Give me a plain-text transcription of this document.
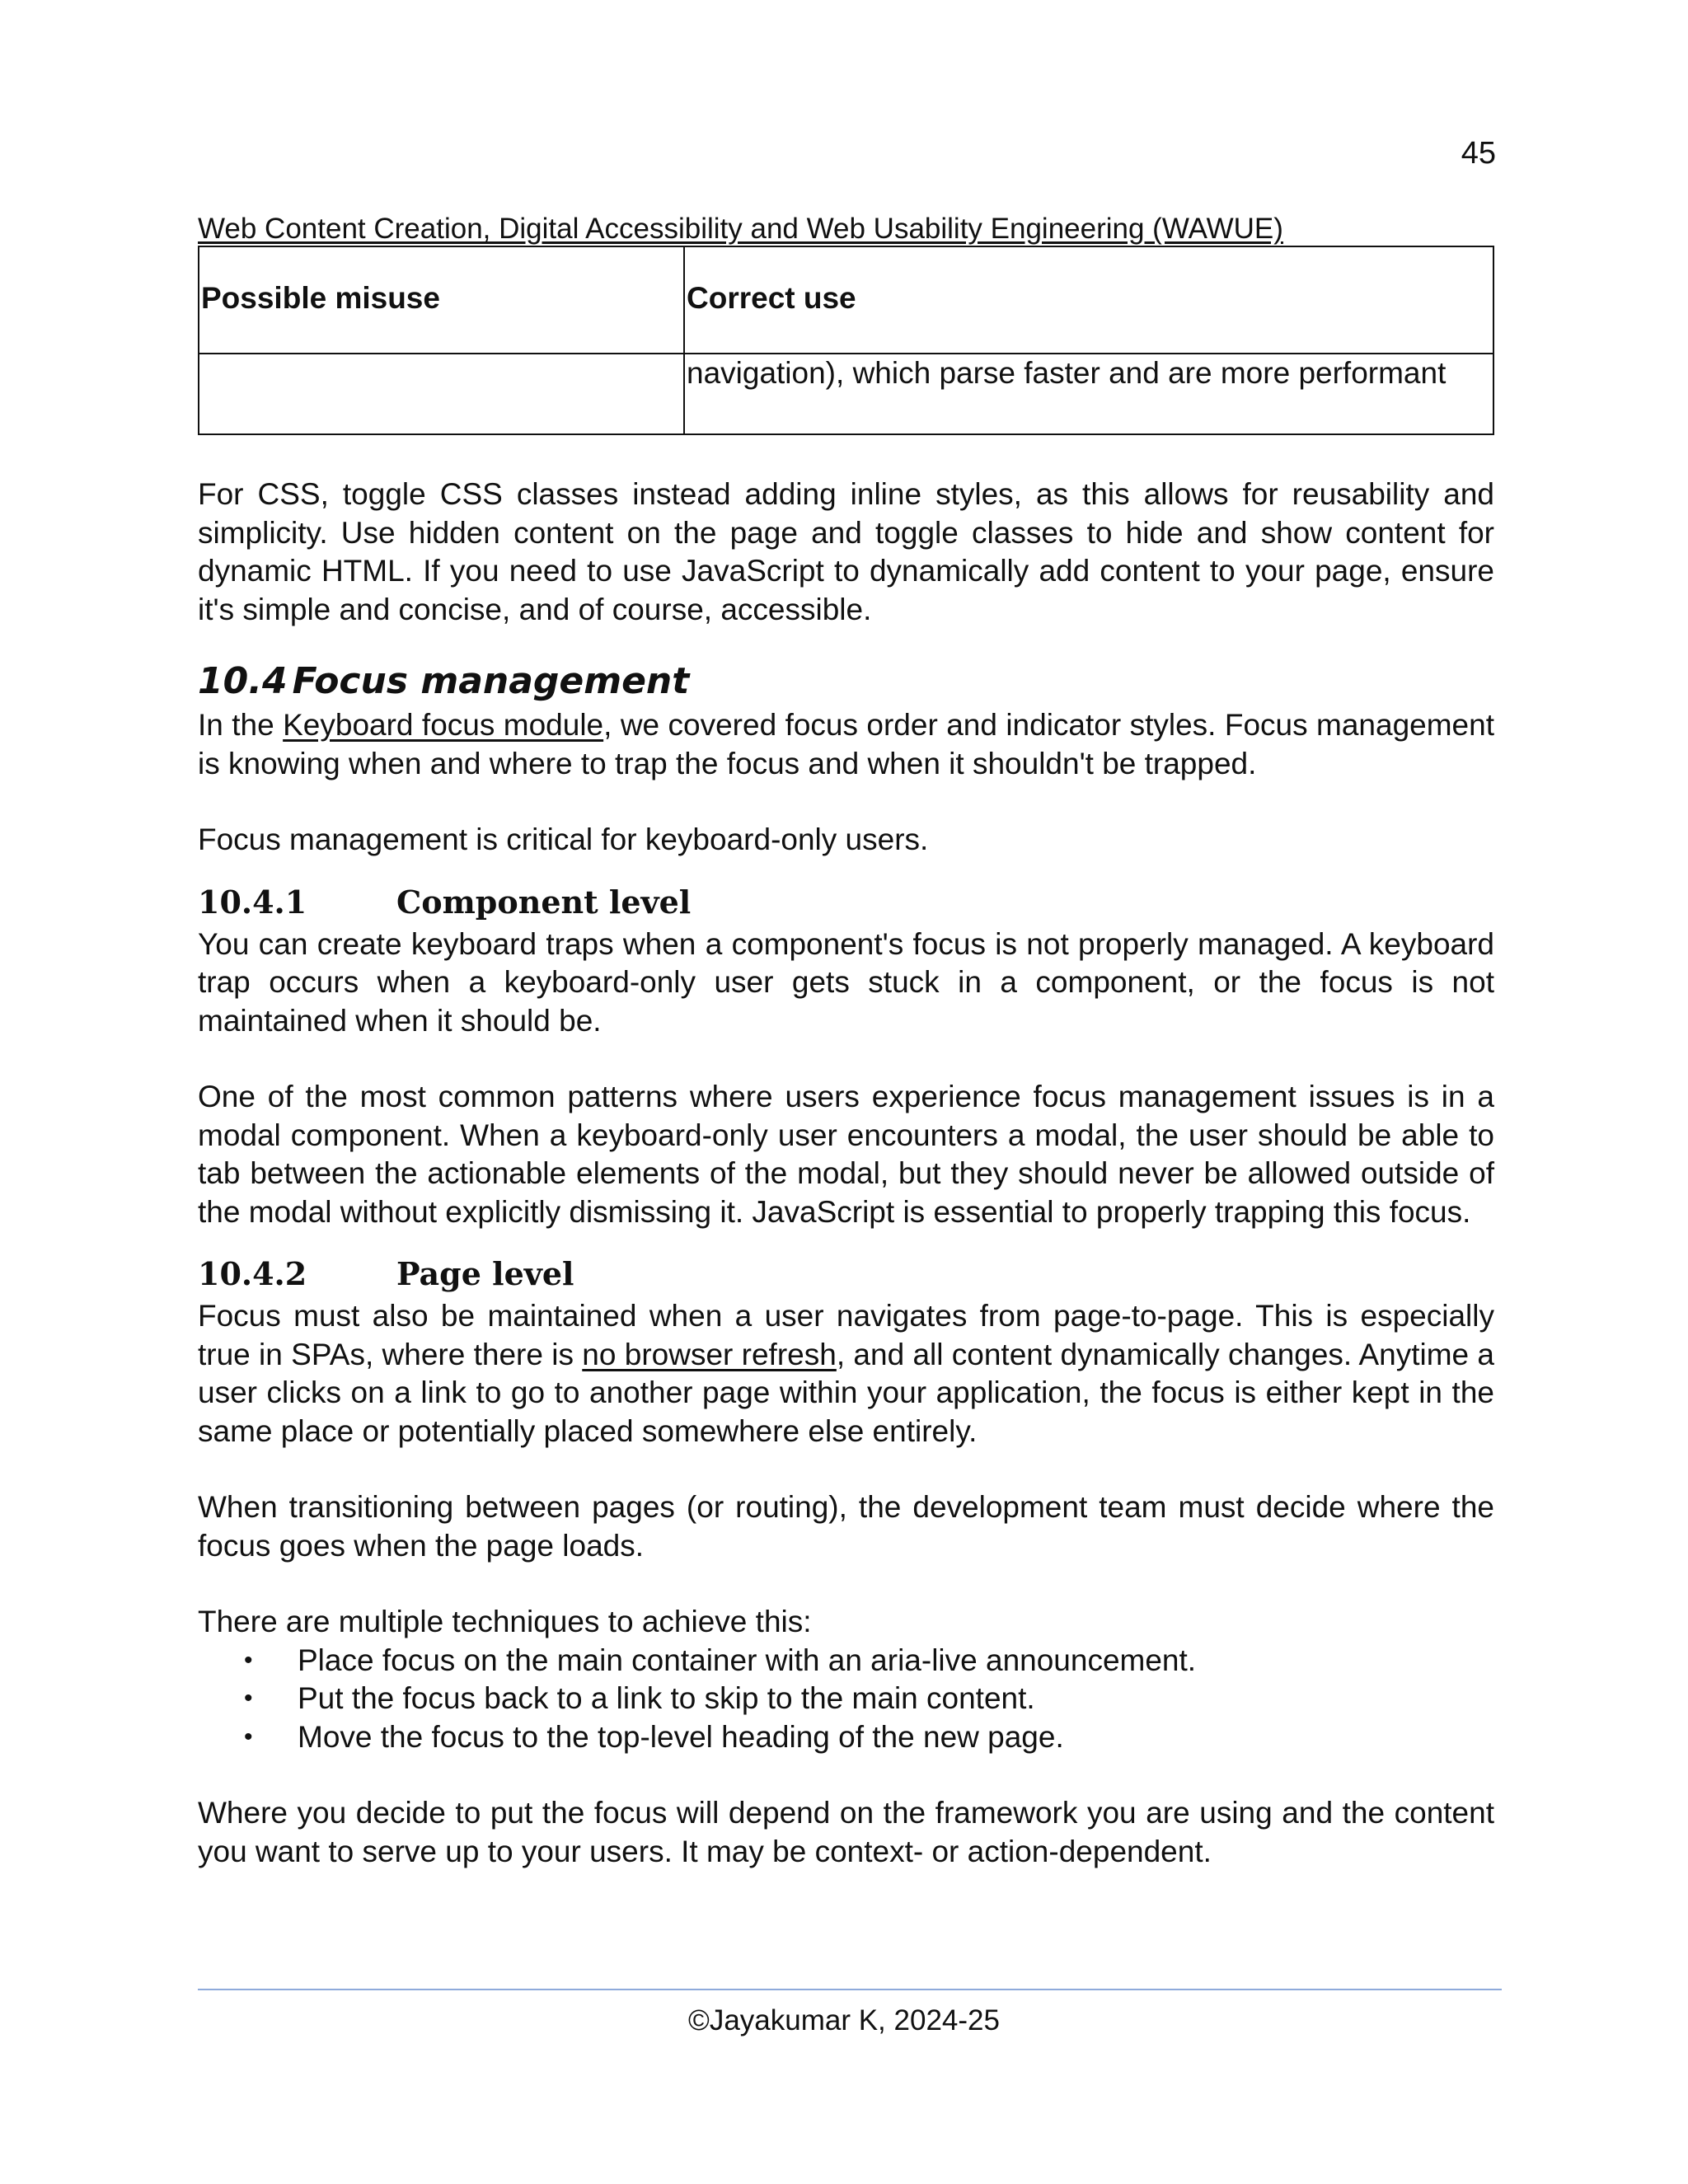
45
Web Content Creation, Digital Accessibility and Web Usability Engineering (WAWUE)
Possible misuse	Correct use
	navigation), which parse faster and are more performant

For CSS, toggle CSS classes instead adding inline styles, as this allows for reusability and simplicity. Use hidden content on the page and toggle classes to hide and show content for dynamic HTML. If you need to use JavaScript to dynamically add content to your page, ensure it's simple and concise, and of course, accessible.

10.4 Focus management

In the Keyboard focus module, we covered focus order and indicator styles. Focus management is knowing when and where to trap the focus and when it shouldn't be trapped.

Focus management is critical for keyboard-only users.

10.4.1	Component level

You can create keyboard traps when a component's focus is not properly managed. A keyboard trap occurs when a keyboard-only user gets stuck in a component, or the focus is not maintained when it should be.

One of the most common patterns where users experience focus management issues is in a modal component. When a keyboard-only user encounters a modal, the user should be able to tab between the actionable elements of the modal, but they should never be allowed outside of the modal without explicitly dismissing it. JavaScript is essential to properly trapping this focus.

10.4.2	Page level

Focus must also be maintained when a user navigates from page-to-page. This is especially true in SPAs, where there is no browser refresh, and all content dynamically changes. Anytime a user clicks on a link to go to another page within your application, the focus is either kept in the same place or potentially placed somewhere else entirely.

When transitioning between pages (or routing), the development team must decide where the focus goes when the page loads.

There are multiple techniques to achieve this:

• Place focus on the main container with an aria-live announcement.
• Put the focus back to a link to skip to the main content.
• Move the focus to the top-level heading of the new page.

Where you decide to put the focus will depend on the framework you are using and the content you want to serve up to your users. It may be context- or action-dependent.

©Jayakumar K, 2024-25
